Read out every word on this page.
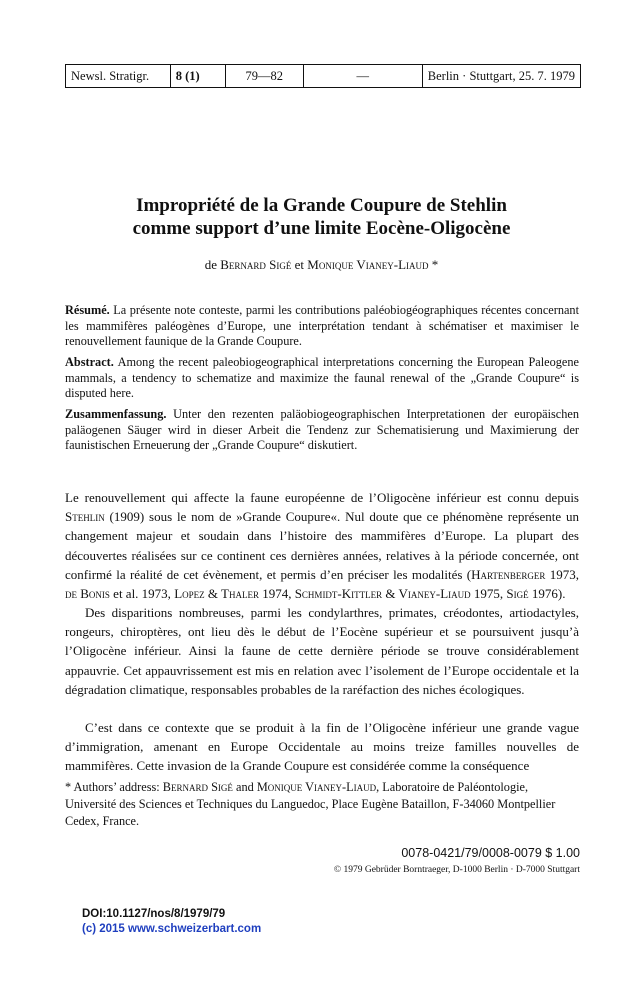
Newsl. Stratigr.	8 (1)	79—82	—	Berlin · Stuttgart, 25. 7. 1979
Impropriété de la Grande Coupure de Stehlin
comme support d’une limite Eocène-Oligocène
de Bernard Sigé et Monique Vianey-Liaud *
Résumé. La présente note conteste, parmi les contributions paléobiogéographiques récentes concernant les mammifères paléogènes d’Europe, une interprétation tendant à schématiser et maximiser le renouvellement faunique de la Grande Coupure.
Abstract. Among the recent paleobiogeographical interpretations concerning the European Paleogene mammals, a tendency to schematize and maximize the faunal renewal of the „Grande Coupure“ is disputed here.
Zusammenfassung. Unter den rezenten paläobiogeographischen Interpretationen der europäischen paläogenen Säuger wird in dieser Arbeit die Tendenz zur Schematisierung und Maximierung der faunistischen Erneuerung der „Grande Coupure“ diskutiert.

Le renouvellement qui affecte la faune européenne de l’Oligocène inférieur est connu depuis Stehlin (1909) sous le nom de »Grande Coupure«. Nul doute que ce phénomène représente un changement majeur et soudain dans l’histoire des mammifères d’Europe. La plupart des découvertes réalisées sur ce continent ces dernières années, relatives à la période concernée, ont confirmé la réalité de cet évènement, et permis d’en préciser les modalités (Hartenberger 1973, de Bonis et al. 1973, Lopez & Thaler 1974, Schmidt-Kittler & Vianey-Liaud 1975, Sigé 1976).

Des disparitions nombreuses, parmi les condylarthres, primates, créodontes, artiodactyles, rongeurs, chiroptères, ont lieu dès le début de l’Eocène supérieur et se poursuivent jusqu’à l’Oligocène inférieur. Ainsi la faune de cette dernière période se trouve considérablement appauvrie. Cet appauvrissement est mis en relation avec l’isolement de l’Europe occidentale et la dégradation climatique, responsables probables de la raréfaction des niches écologiques.

C’est dans ce contexte que se produit à la fin de l’Oligocène inférieur une grande vague d’immigration, amenant en Europe Occidentale au moins treize familles nouvelles de mammifères. Cette invasion de la Grande Coupure est considérée comme la conséquence

* Authors’ address: Bernard Sigé and Monique Vianey-Liaud, Laboratoire de Paléontologie, Université des Sciences et Techniques du Languedoc, Place Eugène Bataillon, F-34060 Montpellier Cedex, France.
0078-0421/79/0008-0079 $ 1.00
© 1979 Gebrüder Borntraeger, D-1000 Berlin · D-7000 Stuttgart
DOI:10.1127/nos/8/1979/79
(c) 2015 www.schweizerbart.com
